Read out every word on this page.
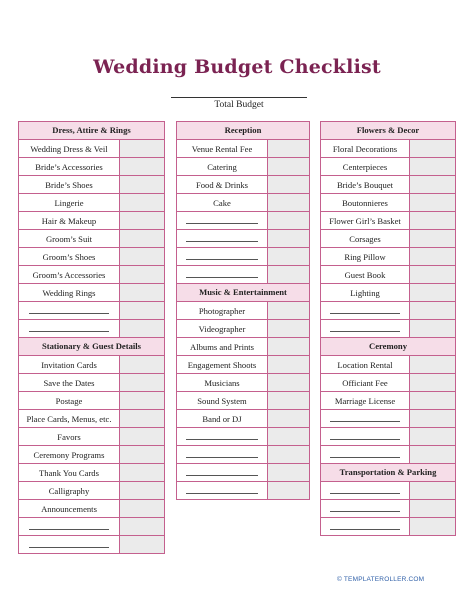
Wedding Budget Checklist
Total Budget
Dress, Attire & Rings
Wedding Dress & Veil
Bride’s Accessories
Bride’s Shoes
Lingerie
Hair & Makeup
Groom’s Suit
Groom’s Shoes
Groom’s Accessories
Wedding Rings
Stationary & Guest Details
Invitation Cards
Save the Dates
Postage
Place Cards, Menus, etc.
Favors
Ceremony Programs
Thank You Cards
Calligraphy
Announcements
Reception
Venue Rental Fee
Catering
Food & Drinks
Cake
Music & Entertainment
Photographer
Videographer
Albums and Prints
Engagement Shoots
Musicians
Sound System
Band or DJ
Flowers & Decor
Floral Decorations
Centerpieces
Bride’s Bouquet
Boutonnieres
Flower Girl’s Basket
Corsages
Ring Pillow
Guest Book
Lighting
Ceremony
Location Rental
Officiant Fee
Marriage License
Transportation & Parking
© TEMPLATEROLLER.COM
